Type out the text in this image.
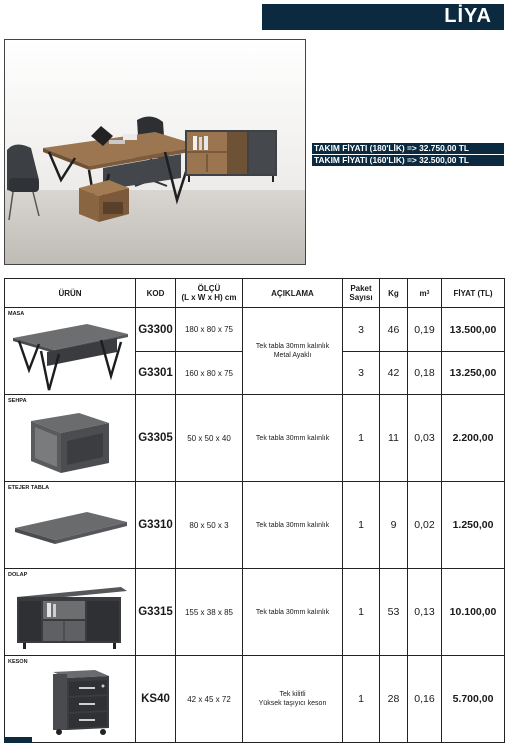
LİYA
TAKIM FİYATI (180'LİK) => 32.750,00 TL
TAKIM FİYATI (160'LIK) => 32.500,00 TL
ÜRÜN	KOD	ÖLÇÜ
(L x W x H) cm	AÇIKLAMA	Paket
Sayısı	Kg	$m^3$	FİYAT (TL)

MASA	G3300	180 x 80 x 75	Tek tabla 30mm kalınlık
Metal Ayaklı	3	46	0,19	13.500,00
	G3301	160 x 80 x 75		3	42	0,18	13.250,00

SEHPA	G3305	50 x 50 x 40	Tek tabla 30mm kalınlık	1	11	0,03	2.200,00

ETEJER TABLA	G3310	80 x 50 x 3	Tek tabla 30mm kalınlık	1	9	0,02	1.250,00

DOLAP	G3315	155 x 38 x 85	Tek tabla 30mm kalınlık	1	53	0,13	10.100,00

KESON	KS40	42 x 45 x 72	Tek kilitli
Yüksek taşıyıcı keson	1	28	0,16	5.700,00
